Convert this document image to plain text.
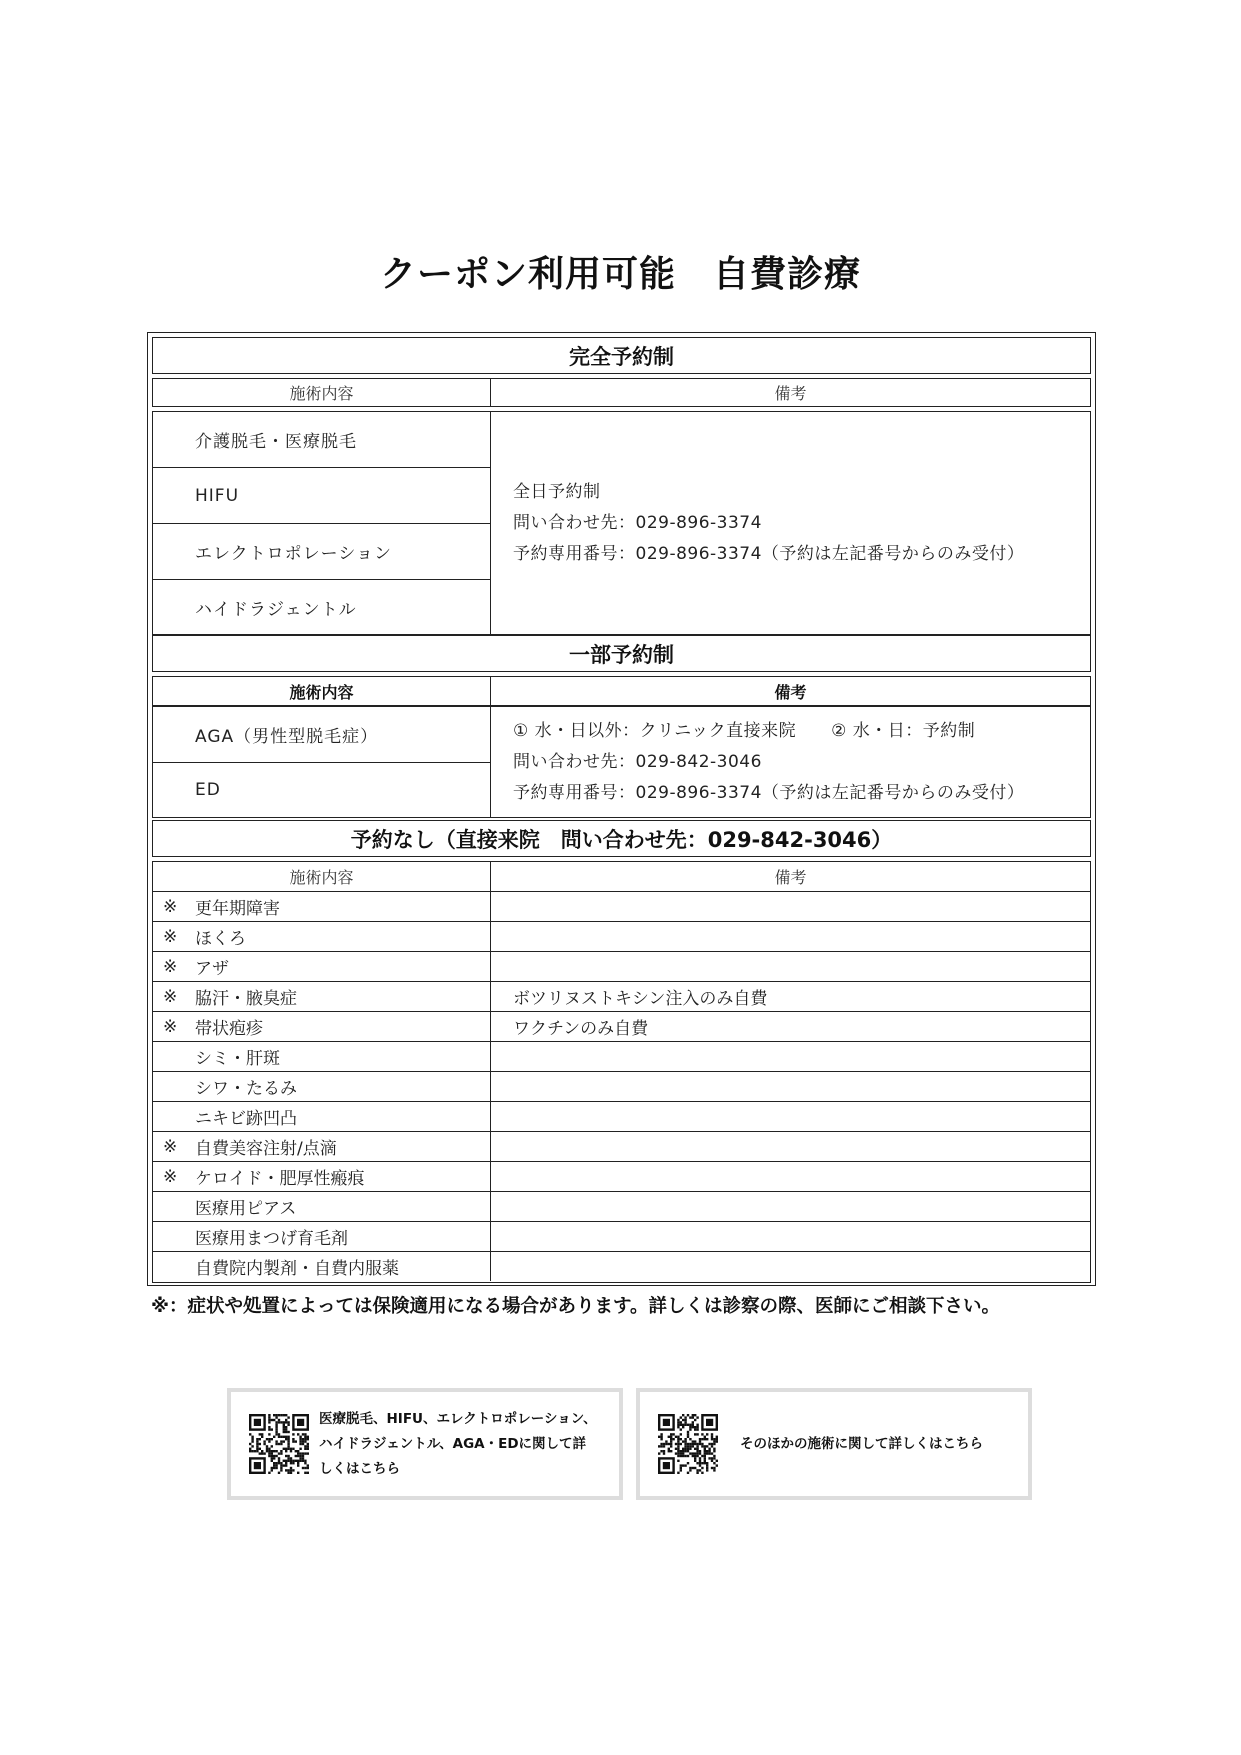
クーポン利用可能　自費診療
完全予約制
施術内容	備考
介護脱毛・医療脱毛
HIFU
エレクトロポレーション
ハイドラジェントル
全日予約制
問い合わせ先：029-896-3374
予約専用番号：029-896-3374（予約は左記番号からのみ受付）
一部予約制
施術内容	備考
AGA（男性型脱毛症）
ED
① 水・日以外：クリニック直接来院　　② 水・日：予約制
問い合わせ先：029-842-3046
予約専用番号：029-896-3374（予約は左記番号からのみ受付）
予約なし（直接来院　問い合わせ先：029-842-3046）
施術内容	備考
※	更年期障害
※	ほくろ
※	アザ
※	脇汗・腋臭症	ボツリヌストキシン注入のみ自費
※	帯状疱疹	ワクチンのみ自費
シミ・肝斑
シワ・たるみ
ニキビ跡凹凸
※	自費美容注射/点滴
※	ケロイド・肥厚性瘢痕
医療用ピアス
医療用まつげ育毛剤
自費院内製剤・自費内服薬
※：症状や処置によっては保険適用になる場合があります。詳しくは診察の際、医師にご相談下さい。
医療脱毛、HIFU、エレクトロポレーション、
ハイドラジェントル、AGA・EDに関して詳
しくはこちら
そのほかの施術に関して詳しくはこちら
